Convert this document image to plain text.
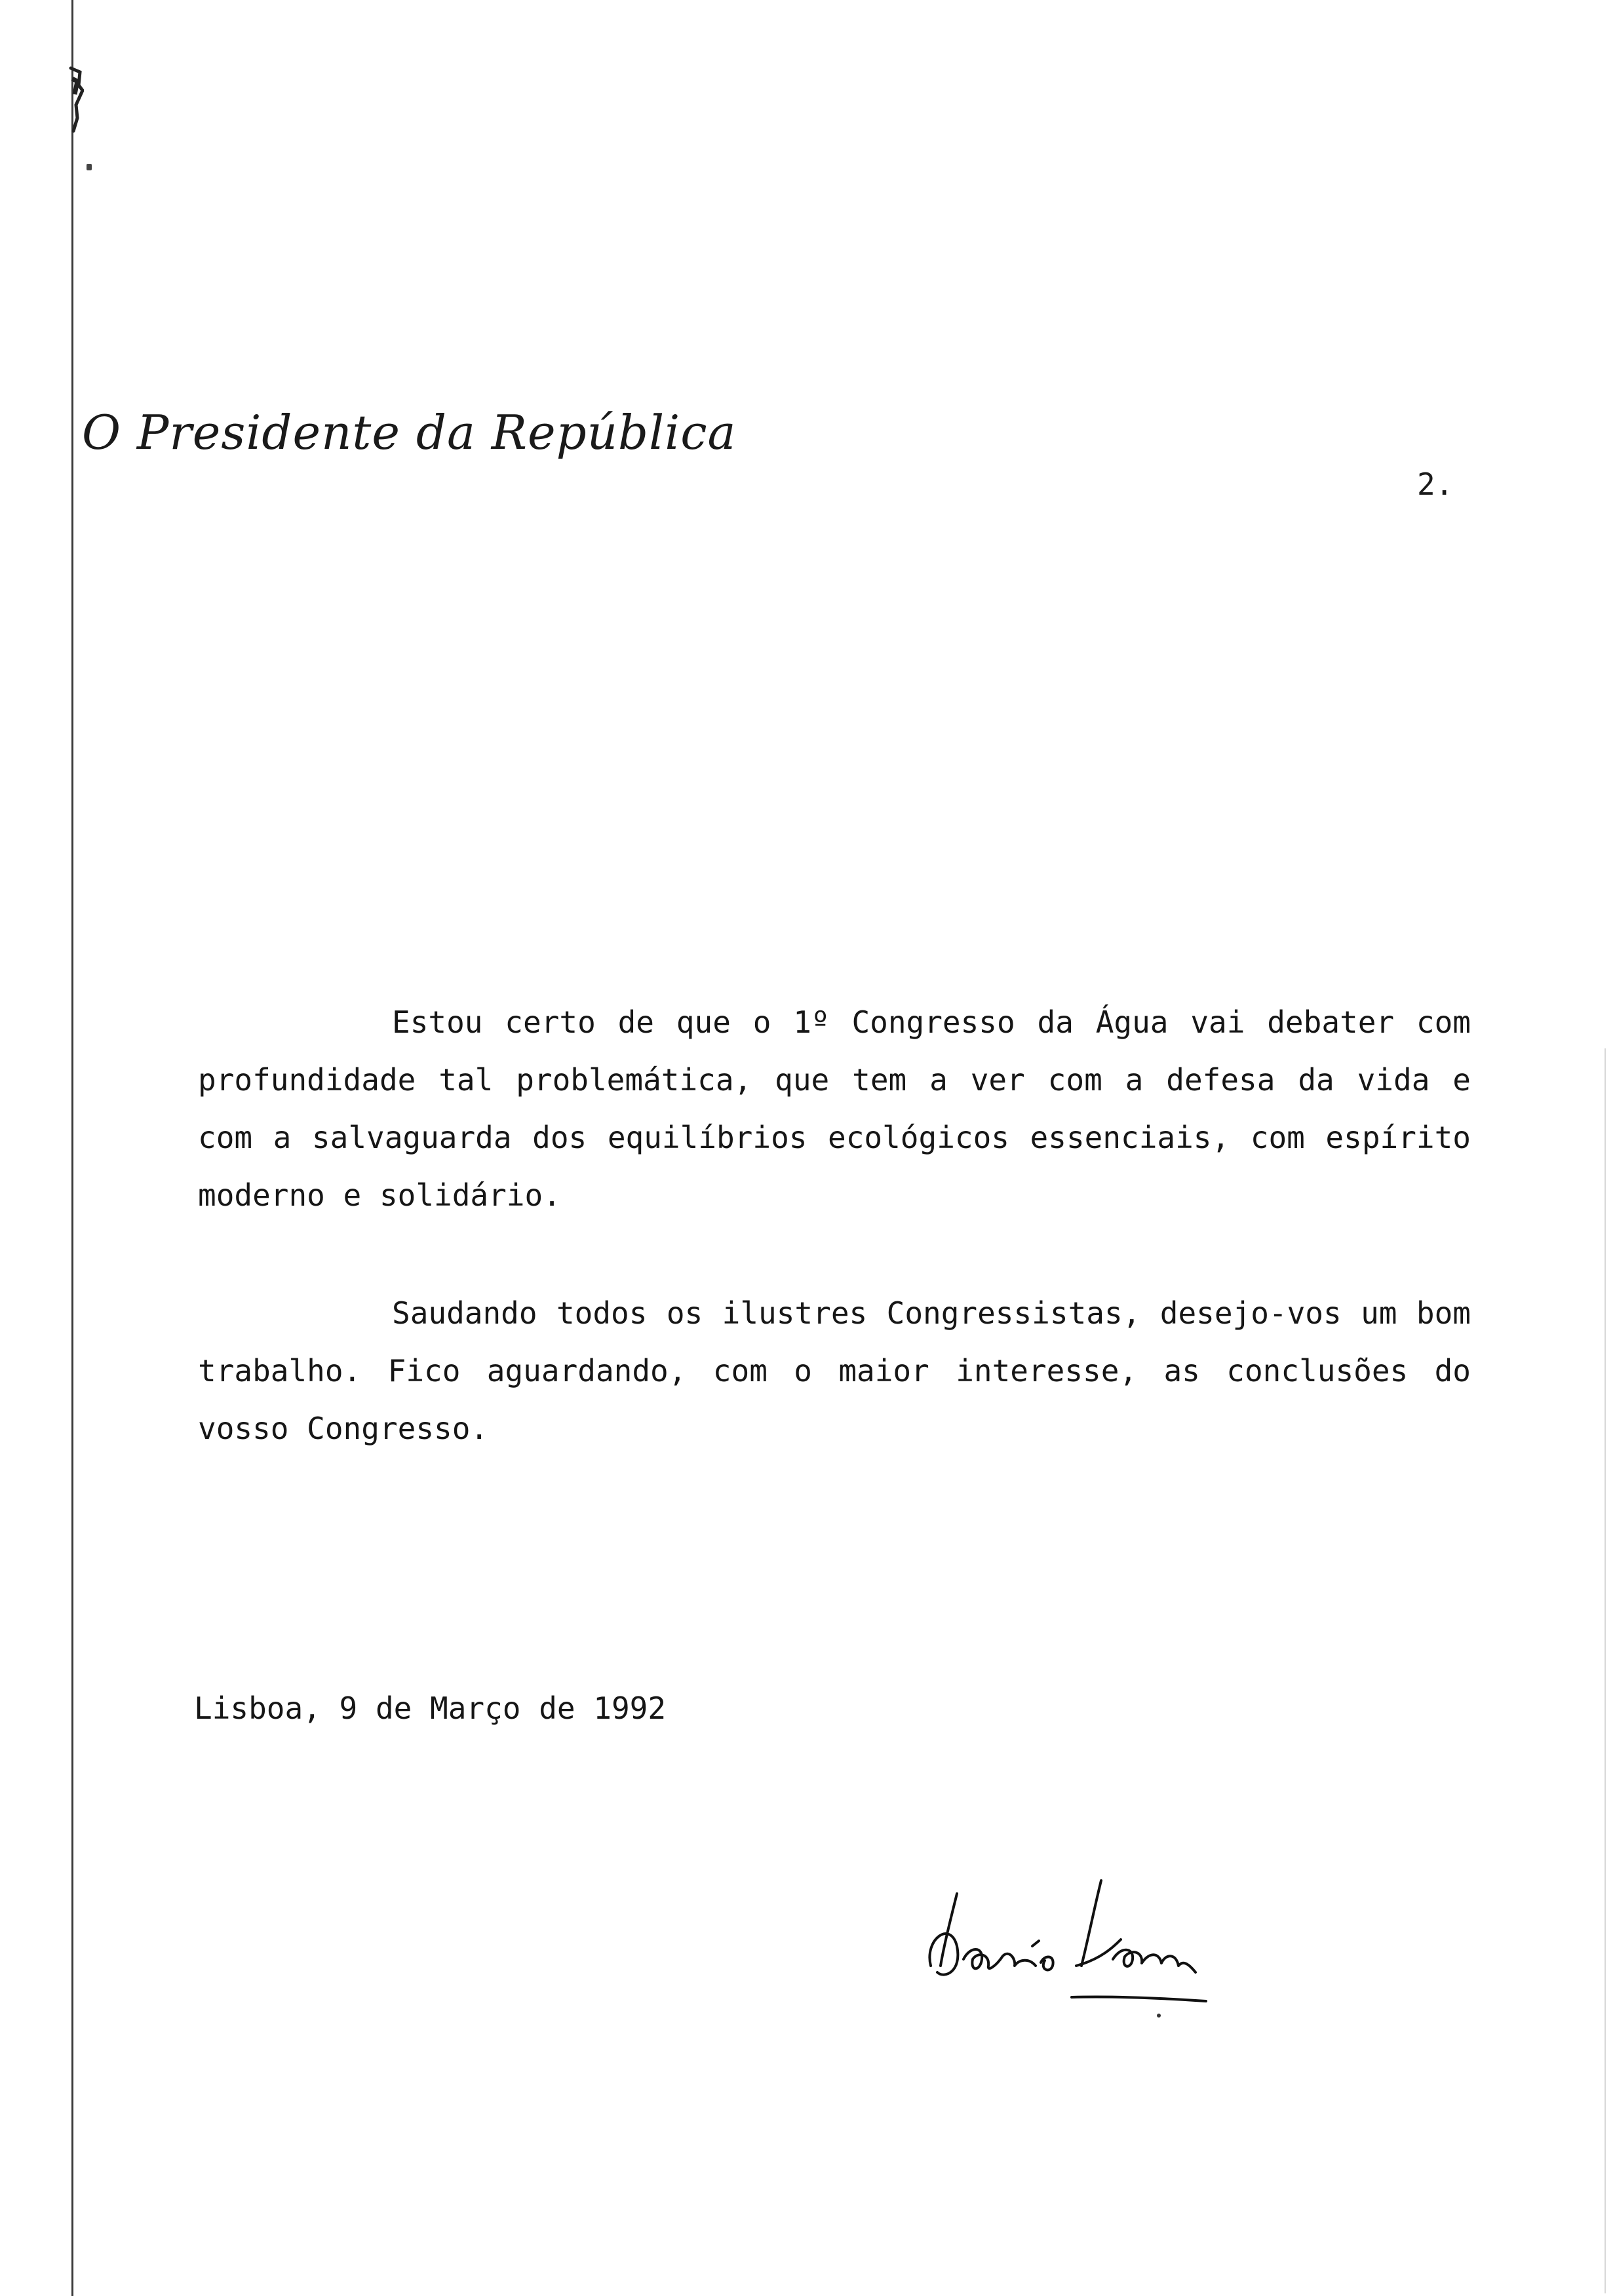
O Presidente da República
2.

Estou certo de que o 1º Congresso da Água vai debater com profundidade tal problemática, que tem a ver com a defesa da vida e com a salvaguarda dos equilíbrios ecológicos essenciais, com espírito moderno e solidário.

Saudando todos os ilustres Congressistas, desejo-vos um bom trabalho. Fico aguardando, com o maior interesse, as conclusões do vosso Congresso.

Lisboa, 9 de Março de 1992
